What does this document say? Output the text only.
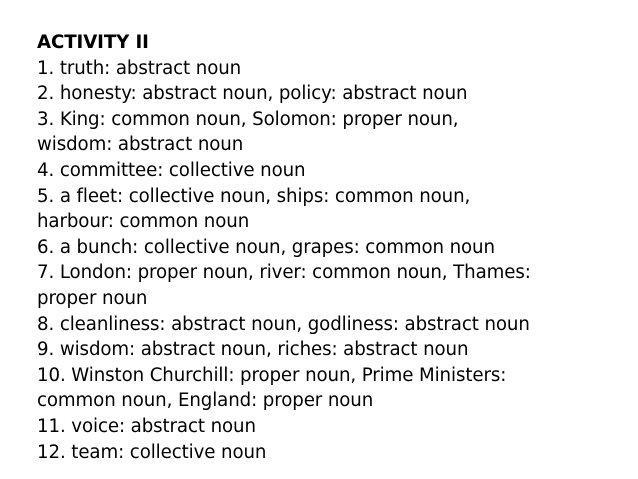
ACTIVITY II

1. truth: abstract noun

2. honesty: abstract noun, policy: abstract noun

3. King: common noun, Solomon: proper noun,

wisdom: abstract noun

4. committee: collective noun

5. a fleet: collective noun, ships: common noun,

harbour: common noun

6. a bunch: collective noun, grapes: common noun

7. London: proper noun, river: common noun, Thames:

proper noun

8. cleanliness: abstract noun, godliness: abstract noun

9. wisdom: abstract noun, riches: abstract noun

10. Winston Churchill: proper noun, Prime Ministers:

common noun, England: proper noun

11. voice: abstract noun

12. team: collective noun
